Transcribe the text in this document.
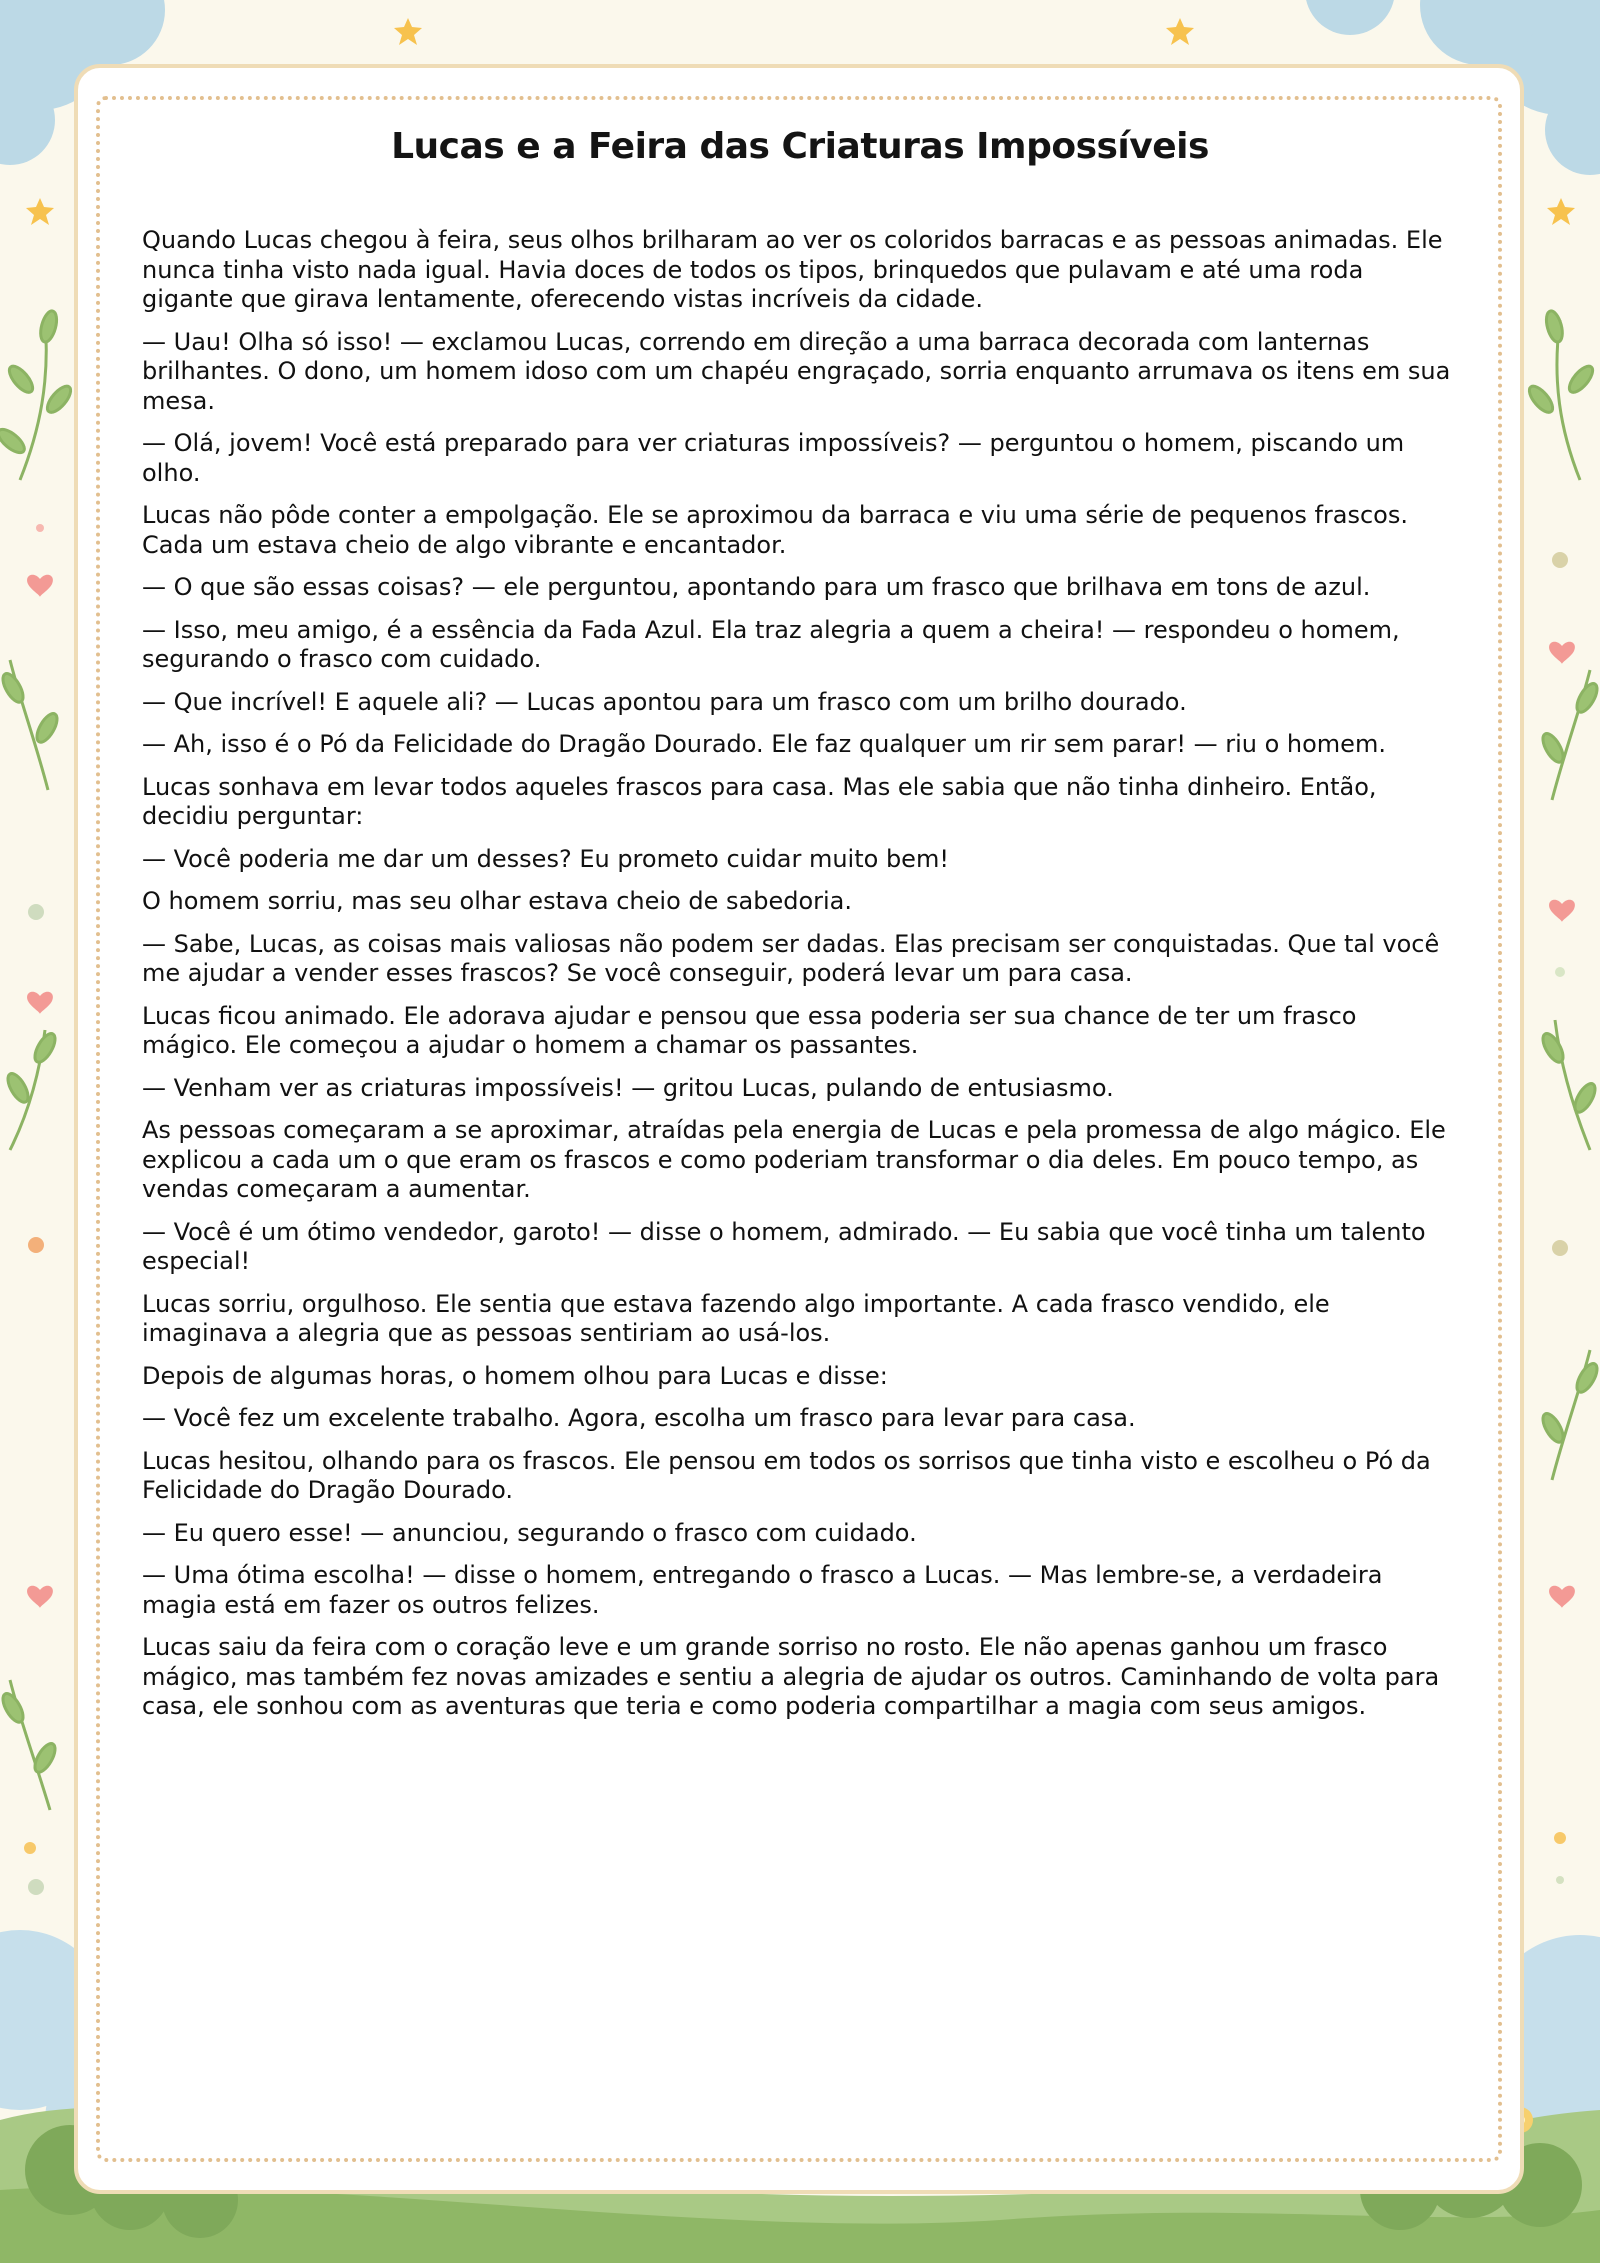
Lucas e a Feira das Criaturas Impossíveis

Quando Lucas chegou à feira, seus olhos brilharam ao ver os coloridos barracas e as pessoas animadas. Ele nunca tinha visto nada igual. Havia doces de todos os tipos, brinquedos que pulavam e até uma roda gigante que girava lentamente, oferecendo vistas incríveis da cidade.

— Uau! Olha só isso! — exclamou Lucas, correndo em direção a uma barraca decorada com lanternas brilhantes. O dono, um homem idoso com um chapéu engraçado, sorria enquanto arrumava os itens em sua mesa.

— Olá, jovem! Você está preparado para ver criaturas impossíveis? — perguntou o homem, piscando um olho.

Lucas não pôde conter a empolgação. Ele se aproximou da barraca e viu uma série de pequenos frascos. Cada um estava cheio de algo vibrante e encantador.

— O que são essas coisas? — ele perguntou, apontando para um frasco que brilhava em tons de azul.

— Isso, meu amigo, é a essência da Fada Azul. Ela traz alegria a quem a cheira! — respondeu o homem, segurando o frasco com cuidado.

— Que incrível! E aquele ali? — Lucas apontou para um frasco com um brilho dourado.

— Ah, isso é o Pó da Felicidade do Dragão Dourado. Ele faz qualquer um rir sem parar! — riu o homem.

Lucas sonhava em levar todos aqueles frascos para casa. Mas ele sabia que não tinha dinheiro. Então, decidiu perguntar:

— Você poderia me dar um desses? Eu prometo cuidar muito bem!

O homem sorriu, mas seu olhar estava cheio de sabedoria.

— Sabe, Lucas, as coisas mais valiosas não podem ser dadas. Elas precisam ser conquistadas. Que tal você me ajudar a vender esses frascos? Se você conseguir, poderá levar um para casa.

Lucas ficou animado. Ele adorava ajudar e pensou que essa poderia ser sua chance de ter um frasco mágico. Ele começou a ajudar o homem a chamar os passantes.

— Venham ver as criaturas impossíveis! — gritou Lucas, pulando de entusiasmo.

As pessoas começaram a se aproximar, atraídas pela energia de Lucas e pela promessa de algo mágico. Ele explicou a cada um o que eram os frascos e como poderiam transformar o dia deles. Em pouco tempo, as vendas começaram a aumentar.

— Você é um ótimo vendedor, garoto! — disse o homem, admirado. — Eu sabia que você tinha um talento especial!

Lucas sorriu, orgulhoso. Ele sentia que estava fazendo algo importante. A cada frasco vendido, ele imaginava a alegria que as pessoas sentiriam ao usá-los.

Depois de algumas horas, o homem olhou para Lucas e disse:

— Você fez um excelente trabalho. Agora, escolha um frasco para levar para casa.

Lucas hesitou, olhando para os frascos. Ele pensou em todos os sorrisos que tinha visto e escolheu o Pó da Felicidade do Dragão Dourado.

— Eu quero esse! — anunciou, segurando o frasco com cuidado.

— Uma ótima escolha! — disse o homem, entregando o frasco a Lucas. — Mas lembre-se, a verdadeira magia está em fazer os outros felizes.

Lucas saiu da feira com o coração leve e um grande sorriso no rosto. Ele não apenas ganhou um frasco mágico, mas também fez novas amizades e sentiu a alegria de ajudar os outros. Caminhando de volta para casa, ele sonhou com as aventuras que teria e como poderia compartilhar a magia com seus amigos.
